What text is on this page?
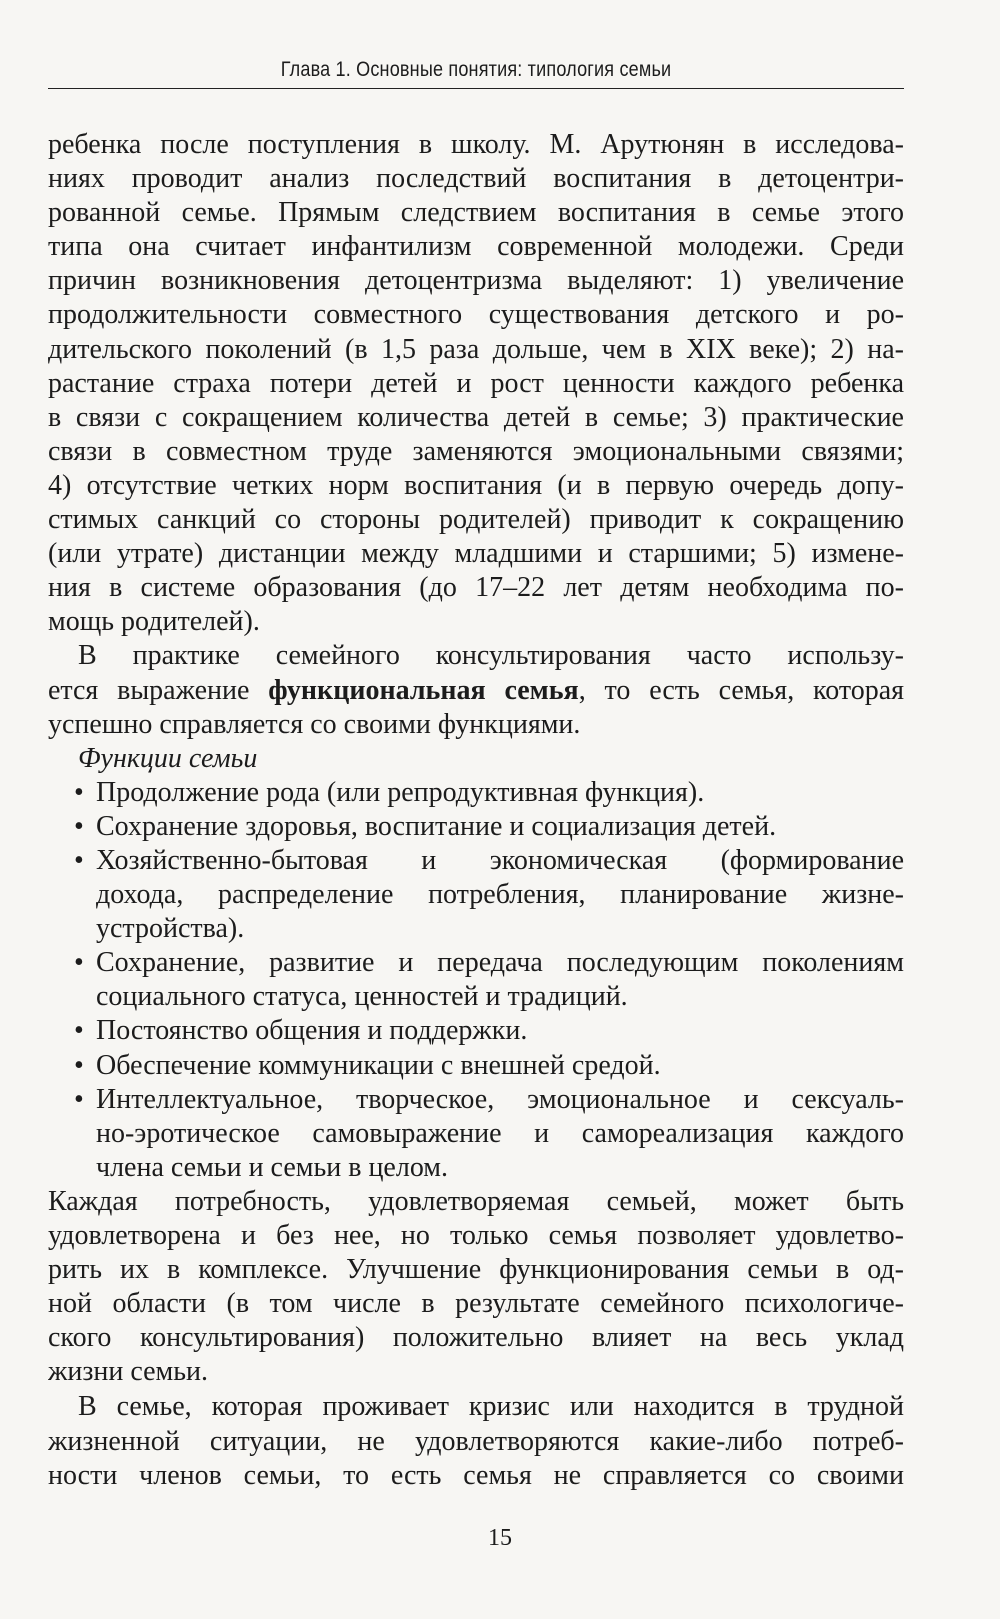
Глава 1. Основные понятия: типология семьи
ребенка после поступления в школу. М. Арутюнян в исследова-
ниях проводит анализ последствий воспитания в детоцентри-
рованной семье. Прямым следствием воспитания в семье этого
типа она считает инфантилизм современной молодежи. Среди
причин возникновения детоцентризма выделяют: 1) увеличение
продолжительности совместного существования детского и ро-
дительского поколений (в 1,5 раза дольше, чем в XIX веке); 2) на-
растание страха потери детей и рост ценности каждого ребенка
в связи с сокращением количества детей в семье; 3) практические
связи в совместном труде заменяются эмоциональными связями;
4) отсутствие четких норм воспитания (и в первую очередь допу-
стимых санкций со стороны родителей) приводит к сокращению
(или утрате) дистанции между младшими и старшими; 5) измене-
ния в системе образования (до 17–22 лет детям необходима по-
мощь родителей).
В практике семейного консультирования часто использу-
ется выражение функциональная семья, то есть семья, которая
успешно справляется со своими функциями.
Функции семьи
• Продолжение рода (или репродуктивная функция).
• Сохранение здоровья, воспитание и социализация детей.
• Хозяйственно-бытовая и экономическая (формирование
дохода, распределение потребления, планирование жизне-
устройства).
• Сохранение, развитие и передача последующим поколениям
социального статуса, ценностей и традиций.
• Постоянство общения и поддержки.
• Обеспечение коммуникации с внешней средой.
• Интеллектуальное, творческое, эмоциональное и сексуаль-
но-эротическое самовыражение и самореализация каждого
члена семьи и семьи в целом.
Каждая потребность, удовлетворяемая семьей, может быть
удовлетворена и без нее, но только семья позволяет удовлетво-
рить их в комплексе. Улучшение функционирования семьи в од-
ной области (в том числе в результате семейного психологиче-
ского консультирования) положительно влияет на весь уклад
жизни семьи.
В семье, которая проживает кризис или находится в трудной
жизненной ситуации, не удовлетворяются какие-либо потреб-
ности членов семьи, то есть семья не справляется со своими
15
